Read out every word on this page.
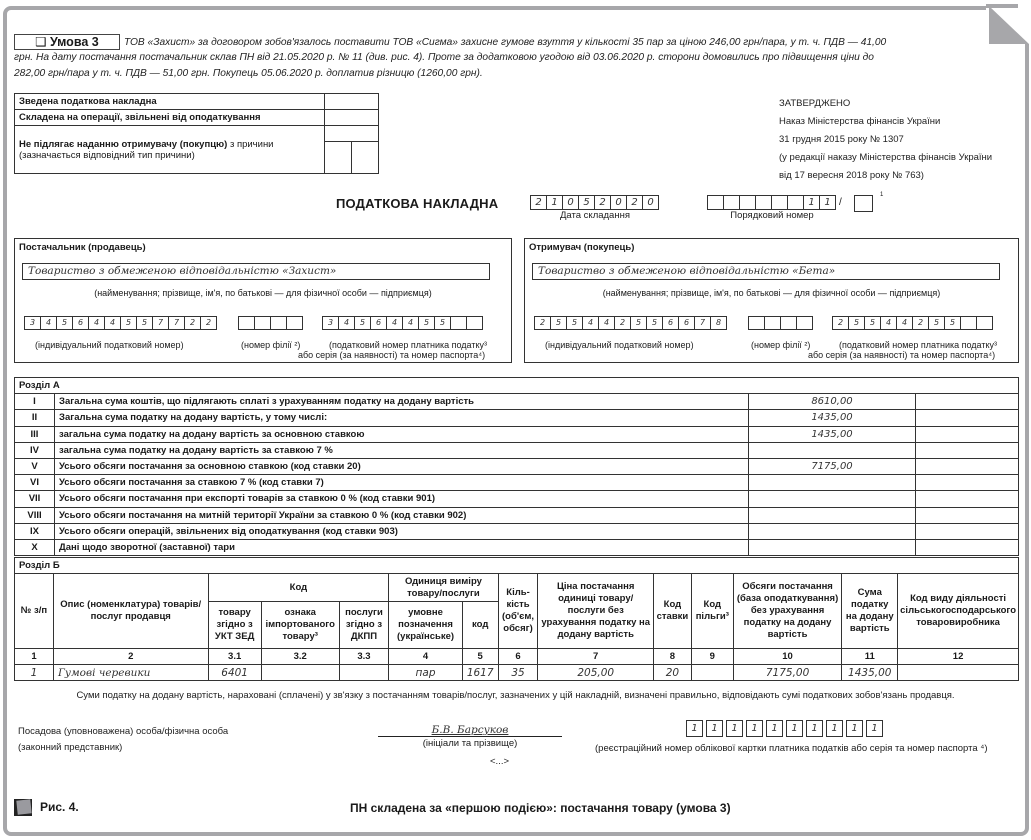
ТОВ «Захист» за договором зобов'язалось поставити ТОВ «Сигма» захисне гумове взуття у кількості 35 пар за ціною 246,00 грн/пара, у т. ч. ПДВ — 41,00 грн. На дату постачання постачальник склав ПН від 21.05.2020 р. № 11 (див. рис. 4). Проте за додатковою угодою від 03.06.2020 р. сторони домовились про підвищення ціни до 282,00 грн/пара у т. ч. ПДВ — 51,00 грн. Покупець 05.06.2020 р. доплатив різницю (1260,00 грн).
❑ Умова 3
Зведена податкова накладна		
Складена на операції, звільнені від оподаткування		
Не підлягає наданню отримувачу (покупцю) з причини
(зазначається відповідний тип причини)		

ЗАТВЕРДЖЕНО
Наказ Міністерства фінансів України
31 грудня 2015 року № 1307
(у редакції наказу Міністерства фінансів України
від 17 вересня 2018 року № 763)
ПОДАТКОВА НАКЛАДНА	2 1 0 5 2 0 2 0
Дата складання
1 1
Порядковий номер
/
1
Постачальник (продавець)
Товариство з обмеженою відповідальністю «Захист»
(найменування; прізвище, ім'я, по батькові — для фізичної особи — підприємця)
3	4	5	6	4	4	5	5	7	7	2	2	3	4	5	6	4	4	5	5
(індивідуальний податковий номер)	(номер філії ²)	(податковий номер платника податку³
або серія (за наявності) та номер паспорта⁴)
Отримувач (покупець)
Товариство з обмеженою відповідальністю «Бета»
(найменування; прізвище, ім'я, по батькові — для фізичної особи — підприємця)
2	5	5	4	4	2	5	5	6	6	7	8	2	5	5	4	4	2	5	5
(індивідуальний податковий номер)	(номер філії ²)	(податковий номер платника податку³
або серія (за наявності) та номер паспорта⁴)
Розділ А			
I	Загальна сума коштів, що підлягають сплаті з урахуванням податку на додану вартість	8610,00	
II	Загальна сума податку на додану вартість, у тому числі:	1435,00	
III	загальна сума податку на додану вартість за основною ставкою	1435,00	
IV	загальна сума податку на додану вартість за ставкою 7 %		
V	Усього обсяги постачання за основною ставкою (код ставки 20)	7175,00	
VI	Усього обсяги постачання за ставкою 7 % (код ставки 7)		
VII	Усього обсяги постачання при експорті товарів за ставкою 0 % (код ставки 901)		
VIII	Усього обсяги постачання на митній території України за ставкою 0 % (код ставки 902)		
IX	Усього обсяги операцій, звільнених від оподаткування (код ставки 903)		
X	Дані щодо зворотної (заставної) тари		
Розділ Б													
№ з/п	Опис (номенклатура) товарів/ послуг продавця	Код			Одиниця виміру товару/послуги		Кіль-кість (об'єм, обсяг)	Ціна постачання одиниці товару/ послуги без урахування податку на додану вартість	Код ставки	Код пільги³	Обсяги постачання (база оподаткування) без урахування податку на додану вартість	Сума податку на додану вартість	Код виду діяльності сільськогосподарського товаровиробника
		товару згідно з УКТ ЗЕД	ознака імпортованого товару³	послуги згідно з ДКПП	умовне позначення (українське)	код							
1	2	3.1	3.2	3.3	4	5	6	7	8	9	10	11	12
1	Гумові черевики	6401			пар	1617	35	205,00	20		7175,00	1435,00	
Суми податку на додану вартість, нараховані (сплачені) у зв'язку з постачанням товарів/послуг, зазначених у цій накладній, визначені правильно, відповідають сумі податкових зобов'язань продавця.
Посадова (уповноважена) особа/фізична особа
(законний представник)
Б.В. Барсуков
(ініціали та прізвище)
<...>
1	1	1	1	1	1	1	1	1	1
(реєстраційний номер облікової картки платника податків або серія та номер паспорта ⁴)
Рис. 4.	ПН складена за «першою подією»: постачання товару (умова 3)
